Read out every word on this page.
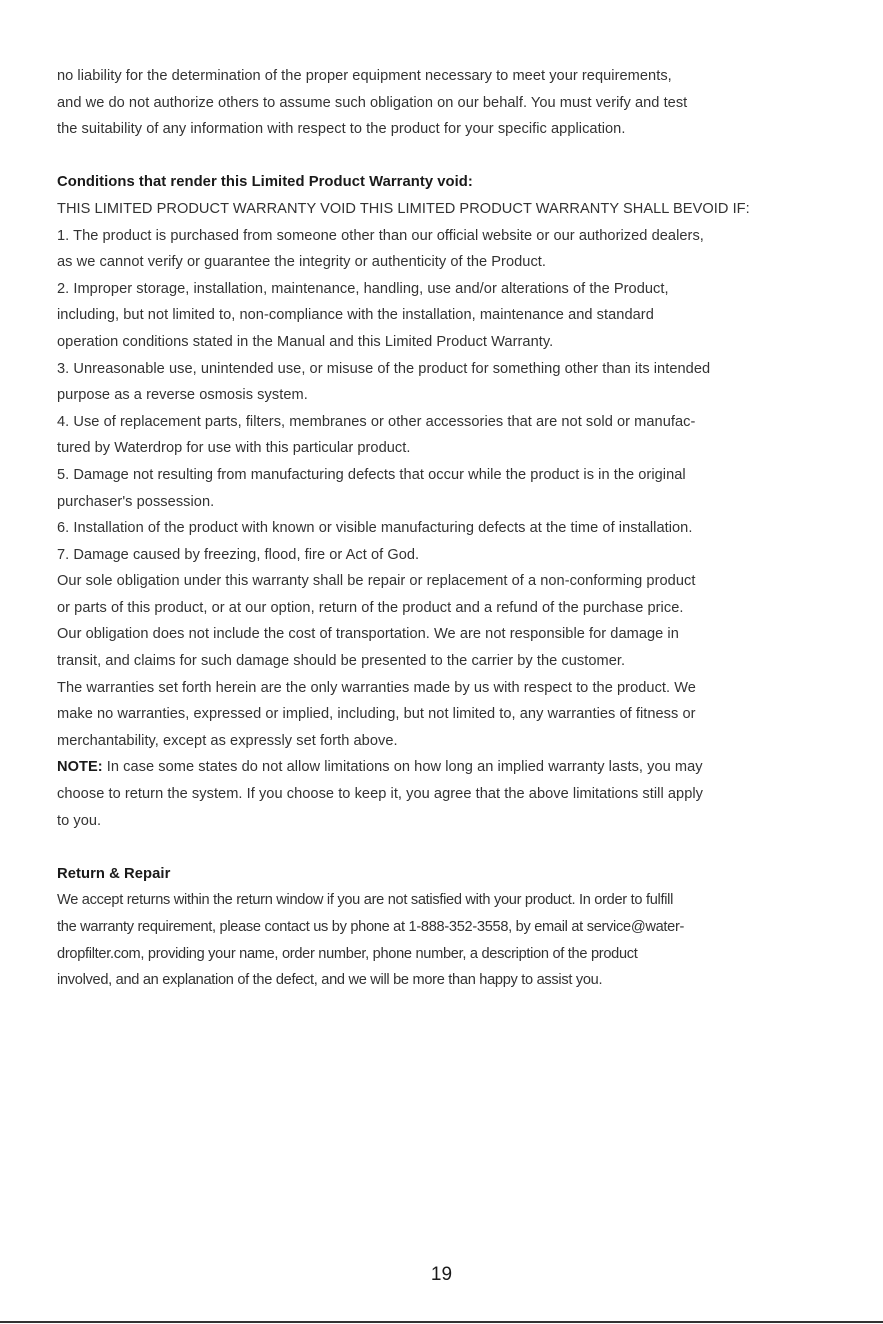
no liability for the determination of the proper equipment necessary to meet your requirements,
and we do not authorize others to assume such obligation on our behalf. You must verify and test
the suitability of any information with respect to the product for your specific application.
Conditions that render this Limited Product Warranty void:
THIS LIMITED PRODUCT WARRANTY VOID THIS LIMITED PRODUCT WARRANTY SHALL BEVOID IF:
1. The product is purchased from someone other than our official website or our authorized dealers,
as we cannot verify or guarantee the integrity or authenticity of the Product.
2. Improper storage, installation, maintenance, handling, use and/or alterations of the Product,
including, but not limited to, non-compliance with the installation, maintenance and standard
operation conditions stated in the Manual and this Limited Product Warranty.
3. Unreasonable use, unintended use, or misuse of the product for something other than its intended
purpose as a reverse osmosis system.
4. Use of replacement parts, filters, membranes or other accessories that are not sold or manufac-
tured by Waterdrop for use with this particular product.
5. Damage not resulting from manufacturing defects that occur while the product is in the original
purchaser's possession.
6. Installation of the product with known or visible manufacturing defects at the time of installation.
7. Damage caused by freezing, flood, fire or Act of God.
Our sole obligation under this warranty shall be repair or replacement of a non-conforming product
or parts of this product, or at our option, return of the product and a refund of the purchase price.
Our obligation does not include the cost of transportation. We are not responsible for damage in
transit, and claims for such damage should be presented to the carrier by the customer.
The warranties set forth herein are the only warranties made by us with respect to the product. We
make no warranties, expressed or implied, including, but not limited to, any warranties of fitness or
merchantability, except as expressly set forth above.
NOTE: In case some states do not allow limitations on how long an implied warranty lasts, you may
choose to return the system. If you choose to keep it, you agree that the above limitations still apply
to you.
Return & Repair
We accept returns within the return window if you are not satisfied with your product. In order to fulfill
the warranty requirement, please contact us by phone at 1-888-352-3558, by email at service@water-
dropfilter.com, providing your name, order number, phone number, a description of the product
involved, and an explanation of the defect, and we will be more than happy to assist you.
19
